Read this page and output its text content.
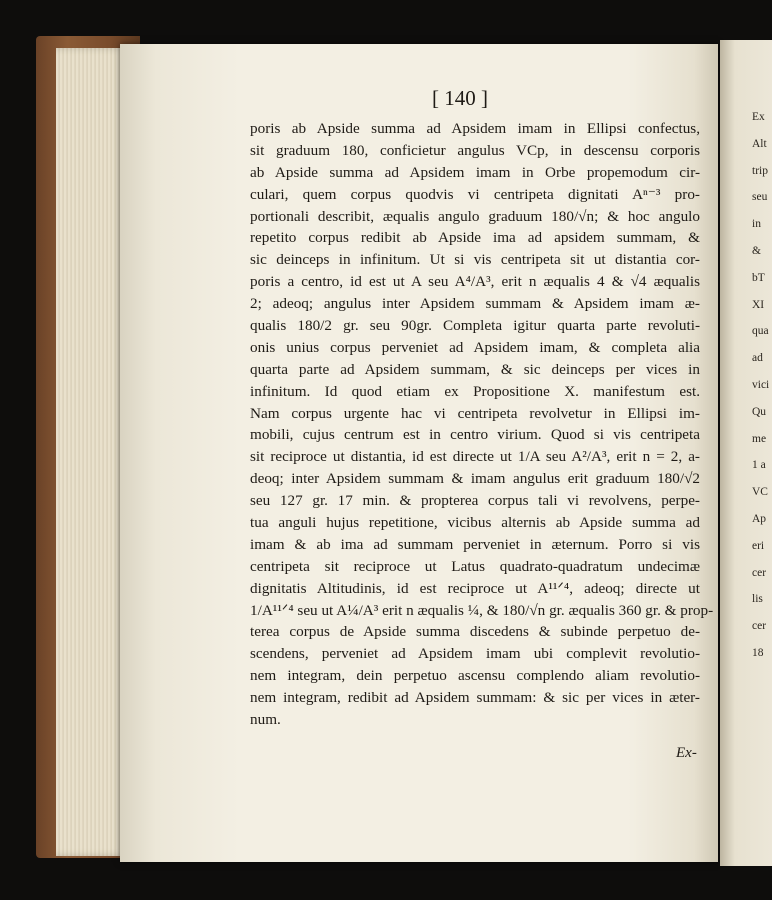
[ 140 ]
poris ab Apside summa ad Apsidem imam in Ellipsi confectus,
sit graduum 180, conficietur angulus VCp, in descensu corporis
ab Apside summa ad Apsidem imam in Orbe propemodum cir-
culari, quem corpus quodvis vi centripeta dignitati Aⁿ⁻³ pro-
portionali describit, æqualis angulo graduum 180/√n; & hoc angulo
repetito corpus redibit ab Apside ima ad apsidem summam, &
sic deinceps in infinitum. Ut si vis centripeta sit ut distantia cor-
poris a centro, id est ut A seu A⁴/A³, erit n æqualis 4 & √4 æqualis
2; adeoq; angulus inter Apsidem summam & Apsidem imam æ-
qualis 180/2 gr. seu 90gr. Completa igitur quarta parte revoluti-
onis unius corpus perveniet ad Apsidem imam, & completa alia
quarta parte ad Apsidem summam, & sic deinceps per vices in
infinitum. Id quod etiam ex Propositione X. manifestum est.
Nam corpus urgente hac vi centripeta revolvetur in Ellipsi im-
mobili, cujus centrum est in centro virium. Quod si vis centripeta
sit reciproce ut distantia, id est directe ut 1/A seu A²/A³, erit n = 2, a-
deoq; inter Apsidem summam & imam angulus erit graduum 180/√2
seu 127 gr. 17 min. & propterea corpus tali vi revolvens, perpe-
tua anguli hujus repetitione, vicibus alternis ab Apside summa ad
imam & ab ima ad summam perveniet in æternum. Porro si vis
centripeta sit reciproce ut Latus quadrato-quadratum undecimæ
dignitatis Altitudinis, id est reciproce ut A¹¹ᐟ⁴, adeoq; directe ut
1/A¹¹ᐟ⁴ seu ut A¼/A³ erit n æqualis ¼, & 180/√n gr. æqualis 360 gr. & prop-
terea corpus de Apside summa discedens & subinde perpetuo de-
scendens, perveniet ad Apsidem imam ubi complevit revolutio-
nem integram, dein perpetuo ascensu complendo aliam revolutio-
nem integram, redibit ad Apsidem summam: & sic per vices in æter-
num.
Ex-
Ex
Alt
trip
seu
in
&
bT
XI
qua
ad
vici
Qu
me
1 a
VC
Ap
eri
cer
lis
cer
18
